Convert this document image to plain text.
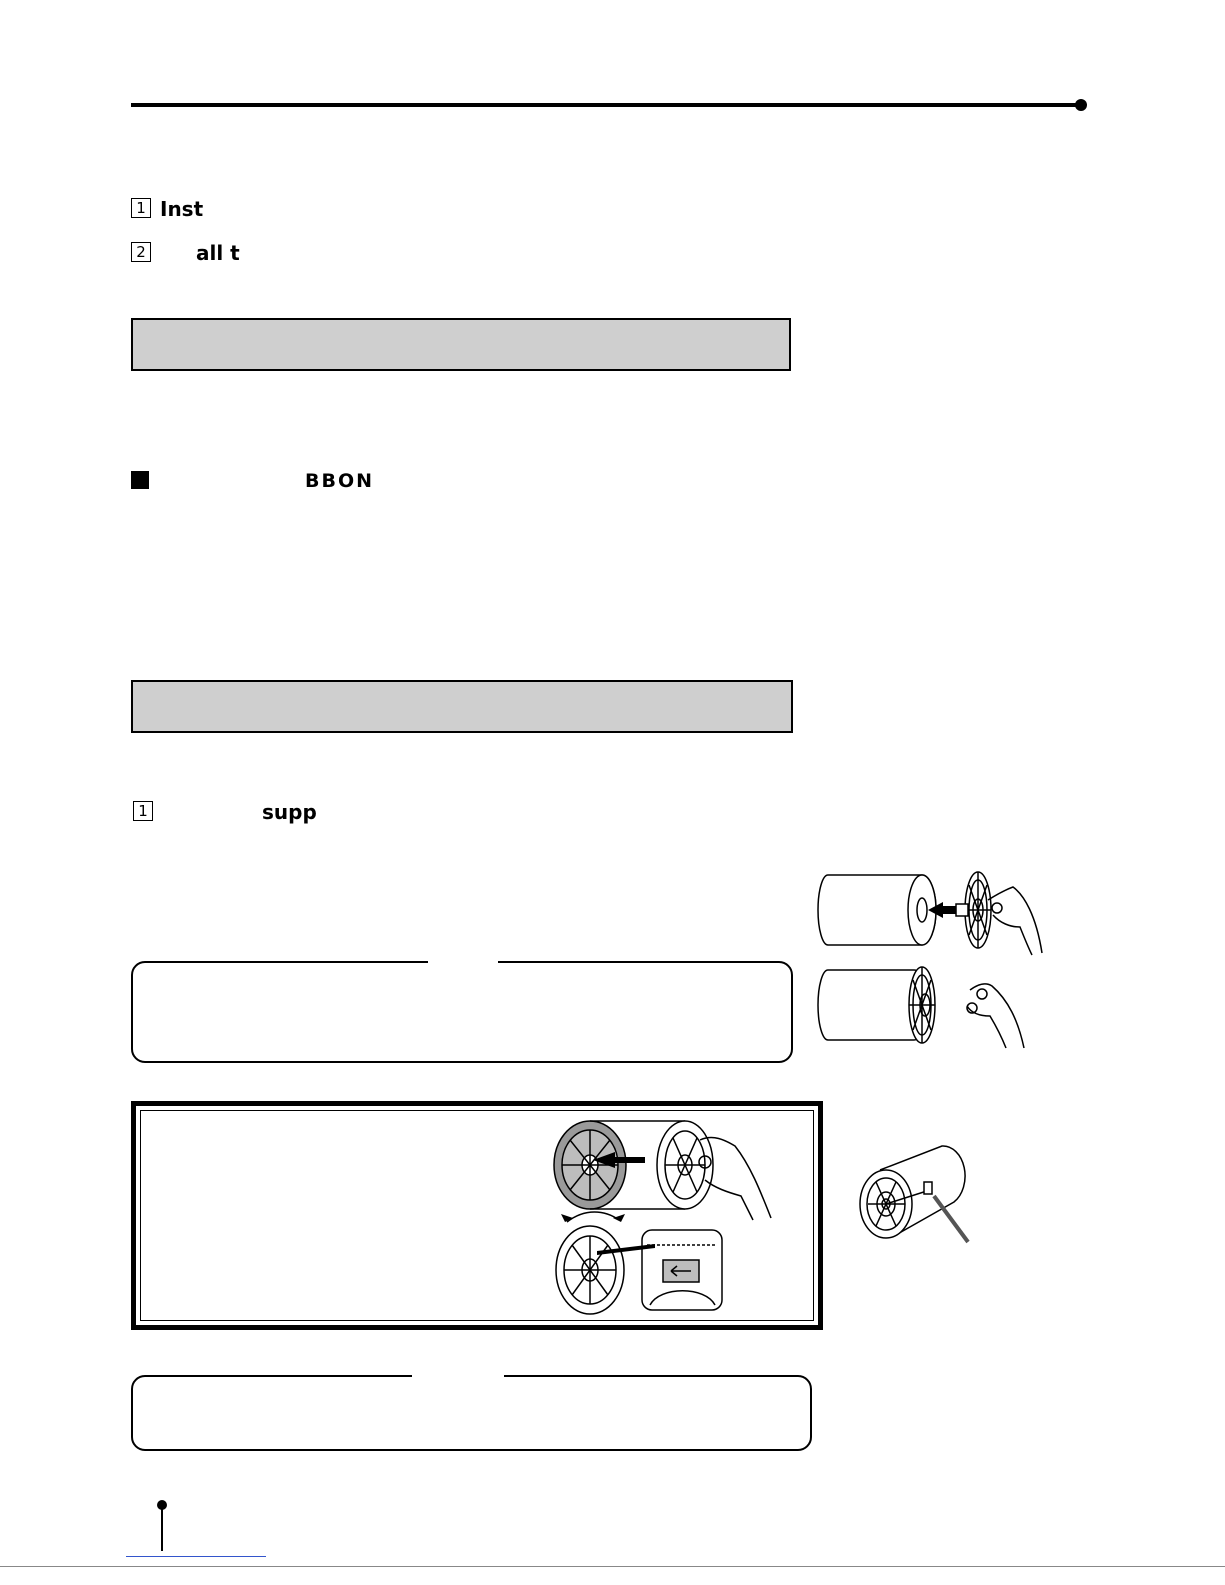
1 Inst
2	all t
BBON
1	supp
